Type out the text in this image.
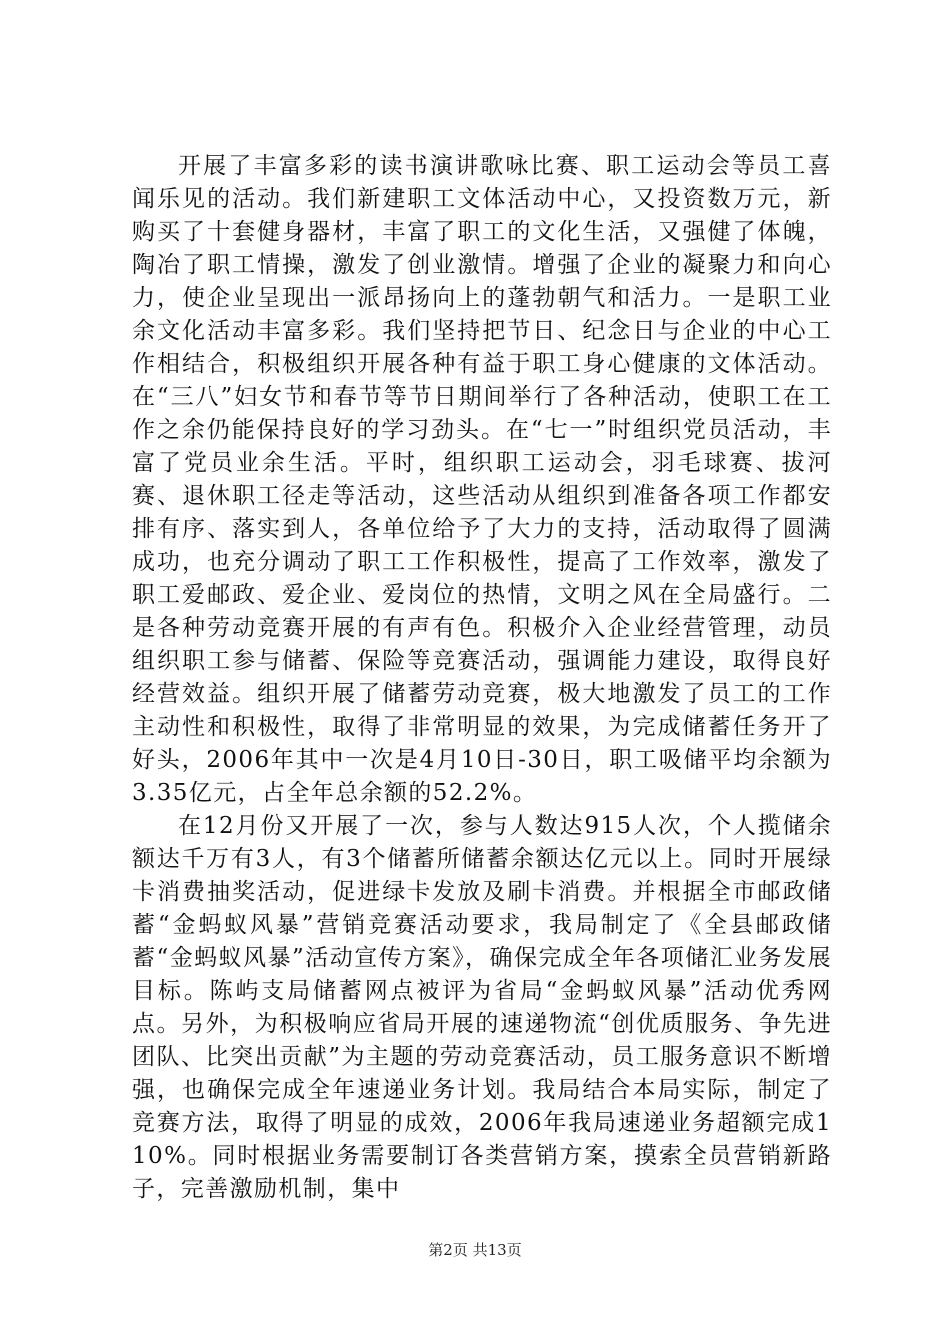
开展了丰富多彩的读书演讲歌咏比赛、职工运动会等员工喜闻乐见的活动。我们新建职工文体活动中心，又投资数万元，新购买了十套健身器材，丰富了职工的文化生活，又强健了体魄，陶冶了职工情操，激发了创业激情。增强了企业的凝聚力和向心力，使企业呈现出一派昂扬向上的蓬勃朝气和活力。一是职工业余文化活动丰富多彩。我们坚持把节日、纪念日与企业的中心工作相结合，积极组织开展各种有益于职工身心健康的文体活动。在“三八”妇女节和春节等节日期间举行了各种活动，使职工在工作之余仍能保持良好的学习劲头。在“七一”时组织党员活动，丰富了党员业余生活。平时，组织职工运动会，羽毛球赛、拔河赛、退休职工径走等活动，这些活动从组织到准备各项工作都安排有序、落实到人，各单位给予了大力的支持，活动取得了圆满成功，也充分调动了职工工作积极性，提高了工作效率，激发了职工爱邮政、爱企业、爱岗位的热情，文明之风在全局盛行。二是各种劳动竞赛开展的有声有色。积极介入企业经营管理，动员组织职工参与储蓄、保险等竞赛活动，强调能力建设，取得良好经营效益。组织开展了储蓄劳动竞赛，极大地激发了员工的工作主动性和积极性，取得了非常明显的效果，为完成储蓄任务开了好头，2006年其中一次是4月10日-30日，职工吸储平均余额为3.35亿元，占全年总余额的52.2%。

在12月份又开展了一次，参与人数达915人次，个人揽储余额达千万有3人，有3个储蓄所储蓄余额达亿元以上。同时开展绿卡消费抽奖活动，促进绿卡发放及刷卡消费。并根据全市邮政储蓄“金蚂蚁风暴”营销竞赛活动要求，我局制定了《全县邮政储蓄“金蚂蚁风暴”活动宣传方案》，确保完成全年各项储汇业务发展目标。陈屿支局储蓄网点被评为省局“金蚂蚁风暴”活动优秀网点。另外，为积极响应省局开展的速递物流“创优质服务、争先进团队、比突出贡献”为主题的劳动竞赛活动，员工服务意识不断增强，也确保完成全年速递业务计划。我局结合本局实际，制定了竞赛方法，取得了明显的成效，2006年我局速递业务超额完成110%。同时根据业务需要制订各类营销方案，摸索全员营销新路子，完善激励机制，集中

第2页 共13页
